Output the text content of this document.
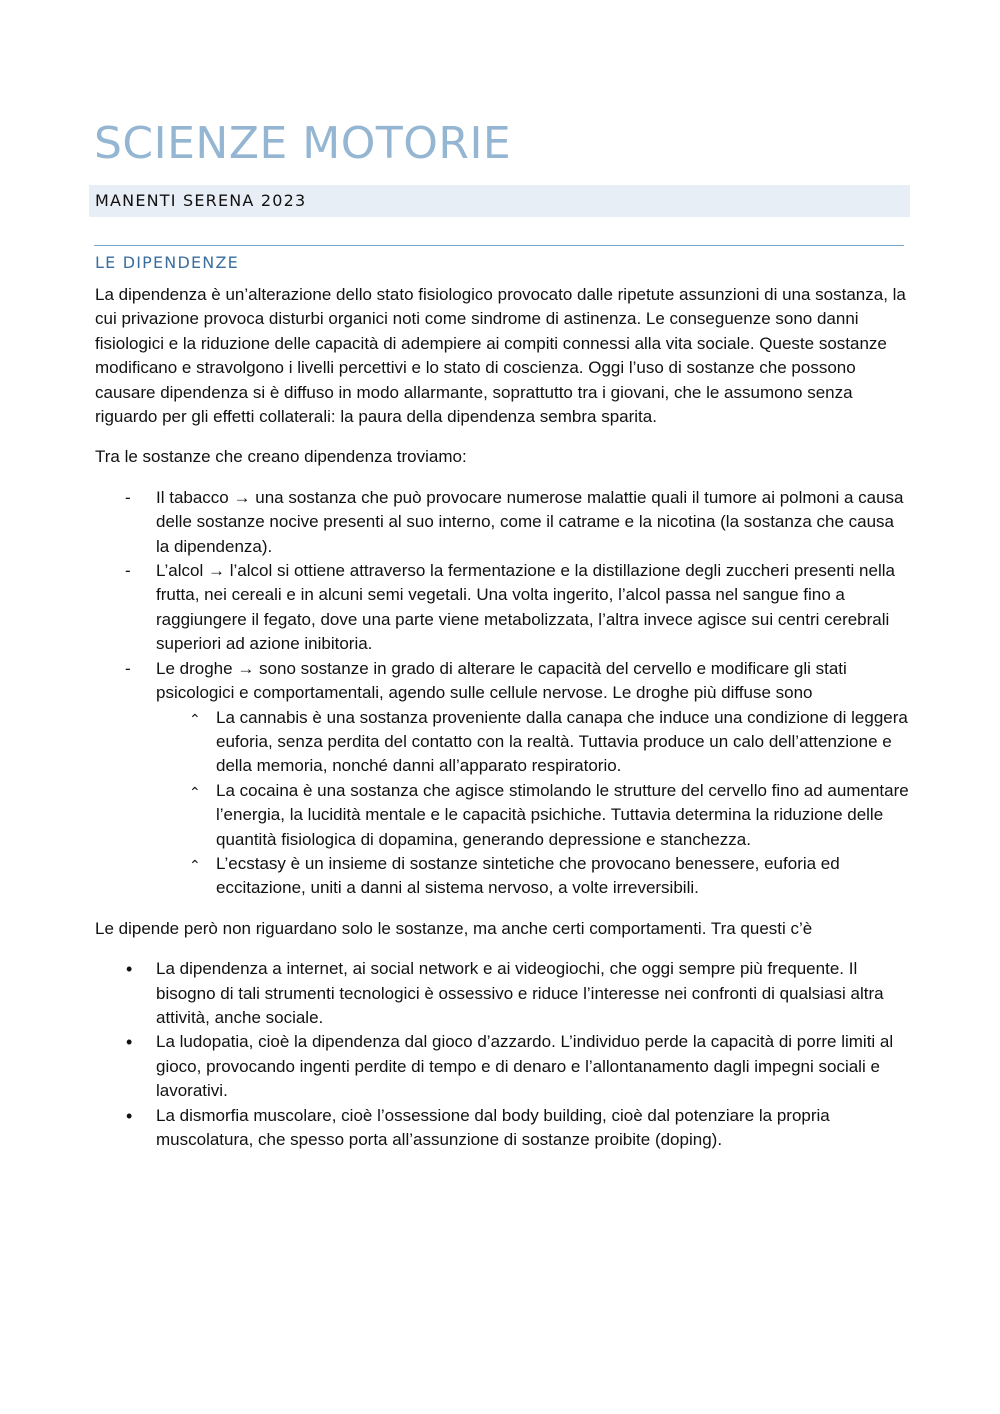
SCIENZE MOTORIE
MANENTI SERENA 2023
LE DIPENDENZE

La dipendenza è un’alterazione dello stato fisiologico provocato dalle ripetute assunzioni di una sostanza, la cui privazione provoca disturbi organici noti come sindrome di astinenza. Le conseguenze sono danni fisiologici e la riduzione delle capacità di adempiere ai compiti connessi alla vita sociale. Queste sostanze modificano e stravolgono i livelli percettivi e lo stato di coscienza. Oggi l’uso di sostanze che possono causare dipendenza si è diffuso in modo allarmante, soprattutto tra i giovani, che le assumono senza riguardo per gli effetti collaterali: la paura della dipendenza sembra sparita.

Tra le sostanze che creano dipendenza troviamo:

- Il tabacco → una sostanza che può provocare numerose malattie quali il tumore ai polmoni a causa delle sostanze nocive presenti al suo interno, come il catrame e la nicotina (la sostanza che causa la dipendenza).
- L’alcol → l’alcol si ottiene attraverso la fermentazione e la distillazione degli zuccheri presenti nella frutta, nei cereali e in alcuni semi vegetali. Una volta ingerito, l’alcol passa nel sangue fino a raggiungere il fegato, dove una parte viene metabolizzata, l’altra invece agisce sui centri cerebrali superiori ad azione inibitoria.
- Le droghe → sono sostanze in grado di alterare le capacità del cervello e modificare gli stati psicologici e comportamentali, agendo sulle cellule nervose. Le droghe più diffuse sono
⌃ La cannabis è una sostanza proveniente dalla canapa che induce una condizione di leggera euforia, senza perdita del contatto con la realtà. Tuttavia produce un calo dell’attenzione e della memoria, nonché danni all’apparato respiratorio.
⌃ La cocaina è una sostanza che agisce stimolando le strutture del cervello fino ad aumentare l’energia, la lucidità mentale e le capacità psichiche. Tuttavia determina la riduzione delle quantità fisiologica di dopamina, generando depressione e stanchezza.
⌃ L’ecstasy è un insieme di sostanze sintetiche che provocano benessere, euforia ed eccitazione, uniti a danni al sistema nervoso, a volte irreversibili.

Le dipende però non riguardano solo le sostanze, ma anche certi comportamenti. Tra questi c’è

• La dipendenza a internet, ai social network e ai videogiochi, che oggi sempre più frequente. Il bisogno di tali strumenti tecnologici è ossessivo e riduce l’interesse nei confronti di qualsiasi altra attività, anche sociale.
• La ludopatia, cioè la dipendenza dal gioco d’azzardo. L’individuo perde la capacità di porre limiti al gioco, provocando ingenti perdite di tempo e di denaro e l’allontanamento dagli impegni sociali e lavorativi.
• La dismorfia muscolare, cioè l’ossessione dal body building, cioè dal potenziare la propria muscolatura, che spesso porta all’assunzione di sostanze proibite (doping).
